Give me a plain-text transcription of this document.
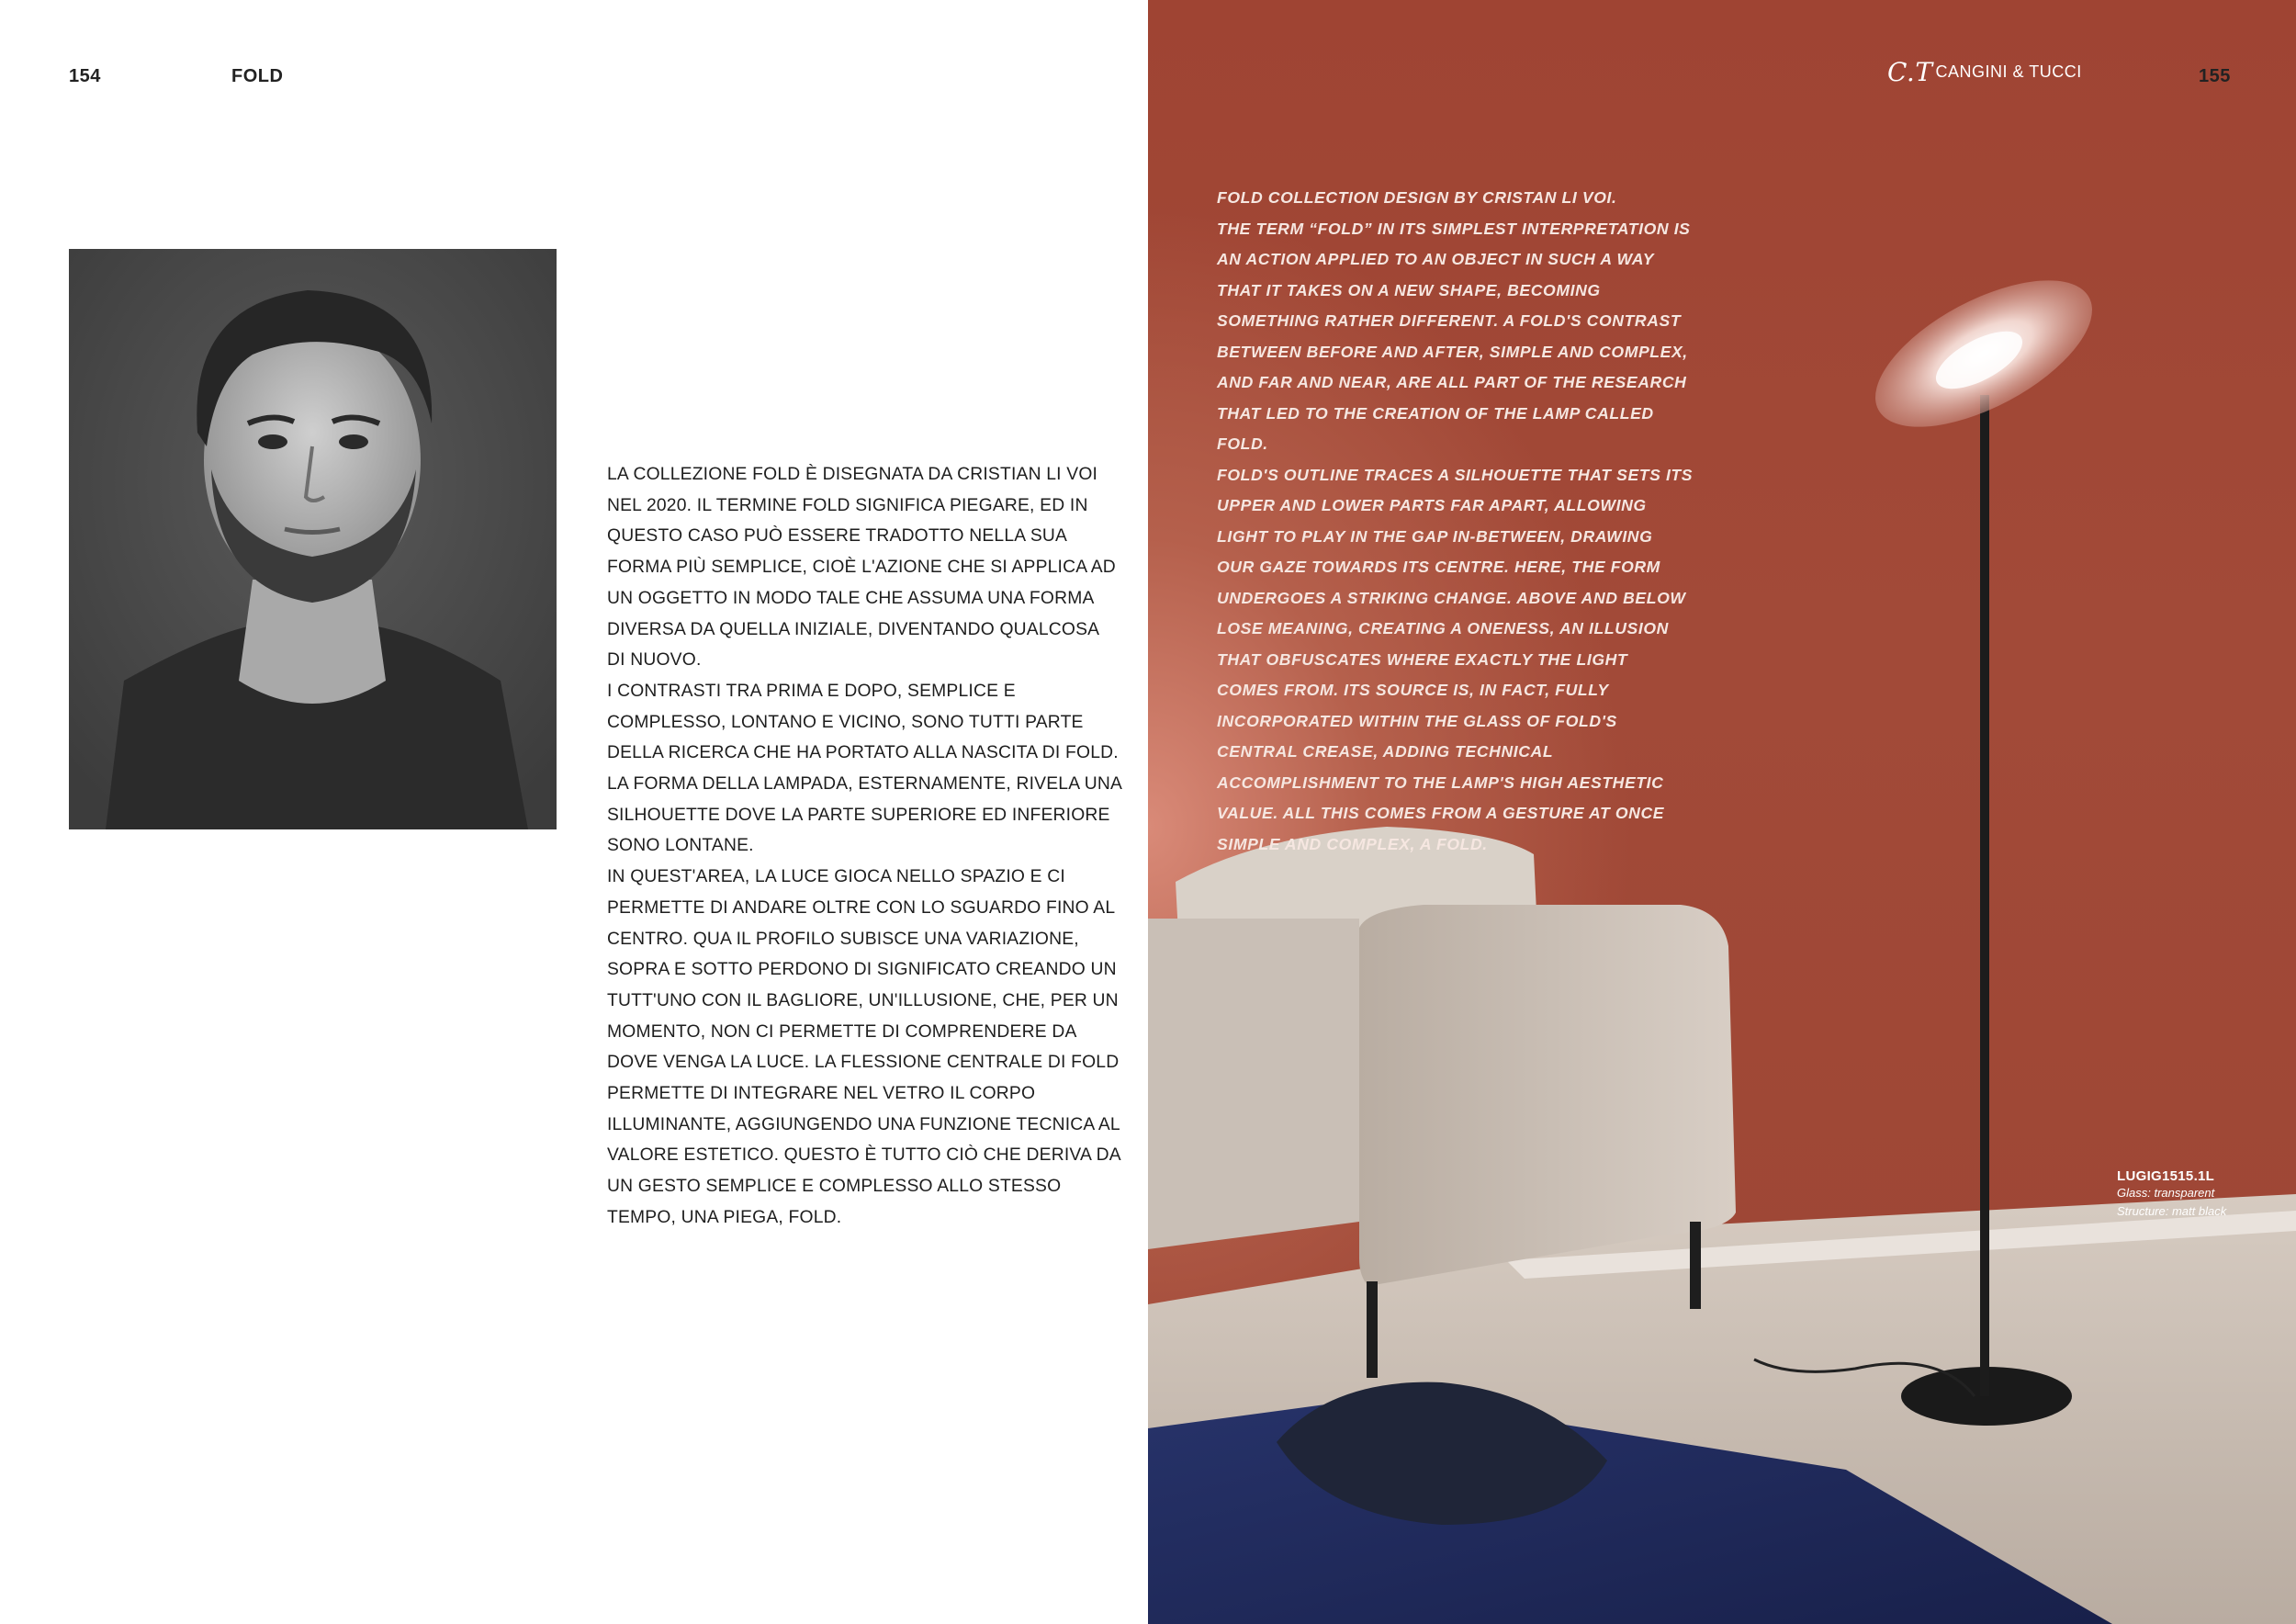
154	FOLD

LA COLLEZIONE FOLD È DISEGNATA DA CRISTIAN LI VOI NEL 2020. IL TERMINE FOLD SIGNIFICA PIEGARE, ED IN QUESTO CASO PUÒ ESSERE TRADOTTO NELLA SUA FORMA PIÙ SEMPLICE, CIOÈ L'AZIONE CHE SI APPLICA AD UN OGGETTO IN MODO TALE CHE ASSUMA UNA FORMA DIVERSA DA QUELLA INIZIALE, DIVENTANDO QUALCOSA DI NUOVO.

I CONTRASTI TRA PRIMA E DOPO, SEMPLICE E COMPLESSO, LONTANO E VICINO, SONO TUTTI PARTE DELLA RICERCA CHE HA PORTATO ALLA NASCITA DI FOLD. LA FORMA DELLA LAMPADA, ESTERNAMENTE, RIVELA UNA SILHOUETTE DOVE LA PARTE SUPERIORE ED INFERIORE SONO LONTANE.

IN QUEST'AREA, LA LUCE GIOCA NELLO SPAZIO E CI PERMETTE DI ANDARE OLTRE CON LO SGUARDO FINO AL CENTRO. QUA IL PROFILO SUBISCE UNA VARIAZIONE, SOPRA E SOTTO PERDONO DI SIGNIFICATO CREANDO UN TUTT'UNO CON IL BAGLIORE, UN'ILLUSIONE, CHE, PER UN MOMENTO, NON CI PERMETTE DI COMPRENDERE DA DOVE VENGA LA LUCE. LA FLESSIONE CENTRALE DI FOLD PERMETTE DI INTEGRARE NEL VETRO IL CORPO ILLUMINANTE, AGGIUNGENDO UNA FUNZIONE TECNICA AL VALORE ESTETICO. QUESTO È TUTTO CIÒ CHE DERIVA DA UN GESTO SEMPLICE E COMPLESSO ALLO STESSO TEMPO, UNA PIEGA, FOLD.

C.T CANGINI & TUCCI	155

FOLD COLLECTION DESIGN BY CRISTAN LI VOI.

THE TERM “FOLD” IN ITS SIMPLEST INTERPRETATION IS AN ACTION APPLIED TO AN OBJECT IN SUCH A WAY THAT IT TAKES ON A NEW SHAPE, BECOMING SOMETHING RATHER DIFFERENT. A FOLD'S CONTRAST BETWEEN BEFORE AND AFTER, SIMPLE AND COMPLEX, AND FAR AND NEAR, ARE ALL PART OF THE RESEARCH THAT LED TO THE CREATION OF THE LAMP CALLED FOLD.

FOLD'S OUTLINE TRACES A SILHOUETTE THAT SETS ITS UPPER AND LOWER PARTS FAR APART, ALLOWING LIGHT TO PLAY IN THE GAP IN-BETWEEN, DRAWING OUR GAZE TOWARDS ITS CENTRE. HERE, THE FORM UNDERGOES A STRIKING CHANGE. ABOVE AND BELOW LOSE MEANING, CREATING A ONENESS, AN ILLUSION THAT OBFUSCATES WHERE EXACTLY THE LIGHT COMES FROM. ITS SOURCE IS, IN FACT, FULLY INCORPORATED WITHIN THE GLASS OF FOLD'S CENTRAL CREASE, ADDING TECHNICAL ACCOMPLISHMENT TO THE LAMP'S HIGH AESTHETIC VALUE. ALL THIS COMES FROM A GESTURE AT ONCE SIMPLE AND COMPLEX, A FOLD.

LUGIG1515.1L
Glass: transparent
Structure: matt black
